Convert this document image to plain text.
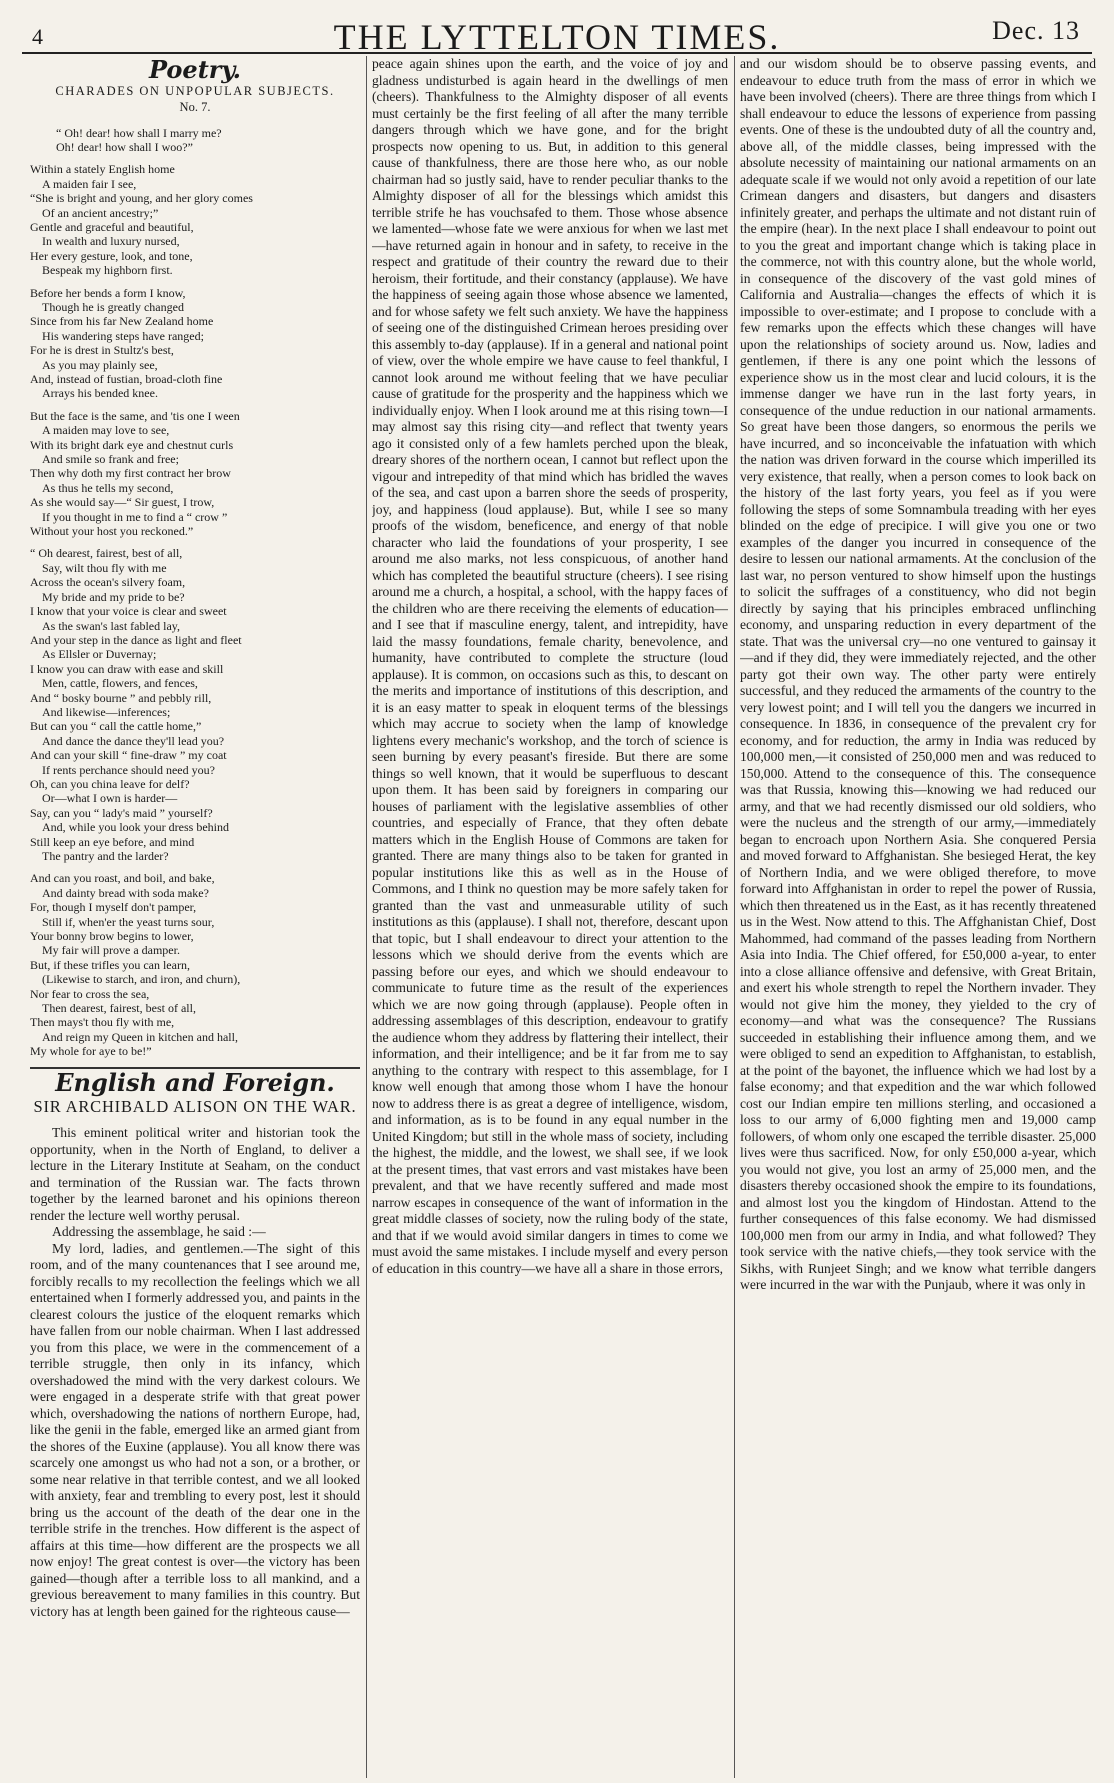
4	THE LYTTELTON TIMES.	Dec. 13
Poetry.
CHARADES ON UNPOPULAR SUBJECTS.
No. 7.
“ Oh! dear! how shall I marry me?
Oh! dear! how shall I woo?”
Within a stately English home
A maiden fair I see,
“She is bright and young, and her glory comes
Of an ancient ancestry;”
Gentle and graceful and beautiful,
In wealth and luxury nursed,
Her every gesture, look, and tone,
Bespeak my highborn first.
Before her bends a form I know,
Though he is greatly changed
Since from his far New Zealand home
His wandering steps have ranged;
For he is drest in Stultz's best,
As you may plainly see,
And, instead of fustian, broad-cloth fine
Arrays his bended knee.
But the face is the same, and 'tis one I ween
A maiden may love to see,
With its bright dark eye and chestnut curls
And smile so frank and free;
Then why doth my first contract her brow
As thus he tells my second,
As she would say—“ Sir guest, I trow,
If you thought in me to find a “ crow ”
Without your host you reckoned.”
“ Oh dearest, fairest, best of all,
Say, wilt thou fly with me
Across the ocean's silvery foam,
My bride and my pride to be?
I know that your voice is clear and sweet
As the swan's last fabled lay,
And your step in the dance as light and fleet
As Ellsler or Duvernay;
I know you can draw with ease and skill
Men, cattle, flowers, and fences,
And “ bosky bourne ” and pebbly rill,
And likewise—inferences;
But can you “ call the cattle home,”
And dance the dance they'll lead you?
And can your skill “ fine-draw ” my coat
If rents perchance should need you?
Oh, can you china leave for delf?
Or—what I own is harder—
Say, can you “ lady's maid ” yourself?
And, while you look your dress behind
Still keep an eye before, and mind
The pantry and the larder?
And can you roast, and boil, and bake,
And dainty bread with soda make?
For, though I myself don't pamper,
Still if, when'er the yeast turns sour,
Your bonny brow begins to lower,
My fair will prove a damper.
But, if these trifles you can learn,
(Likewise to starch, and iron, and churn),
Nor fear to cross the sea,
Then dearest, fairest, best of all,
Then mays't thou fly with me,
And reign my Queen in kitchen and hall,
My whole for aye to be!”
English and Foreign.
SIR ARCHIBALD ALISON ON THE WAR.

This eminent political writer and historian took the opportunity, when in the North of England, to deliver a lecture in the Literary Institute at Seaham, on the conduct and termination of the Russian war. The facts thrown together by the learned baronet and his opinions thereon render the lecture well worthy perusal.

Addressing the assemblage, he said :—

My lord, ladies, and gentlemen.—The sight of this room, and of the many countenances that I see around me, forcibly recalls to my recollection the feelings which we all entertained when I formerly addressed you, and paints in the clearest colours the justice of the eloquent remarks which have fallen from our noble chairman. When I last addressed you from this place, we were in the commencement of a terrible struggle, then only in its infancy, which overshadowed the mind with the very darkest colours. We were engaged in a desperate strife with that great power which, overshadowing the nations of northern Europe, had, like the genii in the fable, emerged like an armed giant from the shores of the Euxine (applause). You all know there was scarcely one amongst us who had not a son, or a brother, or some near relative in that terrible contest, and we all looked with anxiety, fear and trembling to every post, lest it should bring us the account of the death of the dear one in the terrible strife in the trenches. How different is the aspect of affairs at this time—how different are the prospects we all now enjoy! The great contest is over—the victory has been gained—though after a terrible loss to all mankind, and a grevious bereavement to many families in this country. But victory has at length been gained for the righteous cause—

peace again shines upon the earth, and the voice of joy and gladness undisturbed is again heard in the dwellings of men (cheers). Thankfulness to the Almighty disposer of all events must certainly be the first feeling of all after the many terrible dangers through which we have gone, and for the bright prospects now opening to us. But, in addition to this general cause of thankfulness, there are those here who, as our noble chairman had so justly said, have to render peculiar thanks to the Almighty disposer of all for the blessings which amidst this terrible strife he has vouchsafed to them. Those whose absence we lamented—whose fate we were anxious for when we last met—have returned again in honour and in safety, to receive in the respect and gratitude of their country the reward due to their heroism, their fortitude, and their constancy (applause). We have the happiness of seeing again those whose absence we lamented, and for whose safety we felt such anxiety. We have the happiness of seeing one of the distinguished Crimean heroes presiding over this assembly to-day (applause). If in a general and national point of view, over the whole empire we have cause to feel thankful, I cannot look around me without feeling that we have peculiar cause of gratitude for the prosperity and the happiness which we individually enjoy. When I look around me at this rising town—I may almost say this rising city—and reflect that twenty years ago it consisted only of a few hamlets perched upon the bleak, dreary shores of the northern ocean, I cannot but reflect upon the vigour and intrepedity of that mind which has bridled the waves of the sea, and cast upon a barren shore the seeds of prosperity, joy, and happiness (loud applause). But, while I see so many proofs of the wisdom, beneficence, and energy of that noble character who laid the foundations of your prosperity, I see around me also marks, not less conspicuous, of another hand which has completed the beautiful structure (cheers). I see rising around me a church, a hospital, a school, with the happy faces of the children who are there receiving the elements of education—and I see that if masculine energy, talent, and intrepidity, have laid the massy foundations, female charity, benevolence, and humanity, have contributed to complete the structure (loud applause). It is common, on occasions such as this, to descant on the merits and importance of institutions of this description, and it is an easy matter to speak in eloquent terms of the blessings which may accrue to society when the lamp of knowledge lightens every mechanic's workshop, and the torch of science is seen burning by every peasant's fireside. But there are some things so well known, that it would be superfluous to descant upon them. It has been said by foreigners in comparing our houses of parliament with the legislative assemblies of other countries, and especially of France, that they often debate matters which in the English House of Commons are taken for granted. There are many things also to be taken for granted in popular institutions like this as well as in the House of Commons, and I think no question may be more safely taken for granted than the vast and unmeasurable utility of such institutions as this (applause). I shall not, therefore, descant upon that topic, but I shall endeavour to direct your attention to the lessons which we should derive from the events which are passing before our eyes, and which we should endeavour to communicate to future time as the result of the experiences which we are now going through (applause). People often in addressing assemblages of this description, endeavour to gratify the audience whom they address by flattering their intellect, their information, and their intelligence; and be it far from me to say anything to the contrary with respect to this assemblage, for I know well enough that among those whom I have the honour now to address there is as great a degree of intelligence, wisdom, and information, as is to be found in any equal number in the United Kingdom; but still in the whole mass of society, including the highest, the middle, and the lowest, we shall see, if we look at the present times, that vast errors and vast mistakes have been prevalent, and that we have recently suffered and made most narrow escapes in consequence of the want of information in the great middle classes of society, now the ruling body of the state, and that if we would avoid similar dangers in times to come we must avoid the same mistakes. I include myself and every person of education in this country—we have all a share in those errors,

and our wisdom should be to observe passing events, and endeavour to educe truth from the mass of error in which we have been involved (cheers). There are three things from which I shall endeavour to educe the lessons of experience from passing events. One of these is the undoubted duty of all the country and, above all, of the middle classes, being impressed with the absolute necessity of maintaining our national armaments on an adequate scale if we would not only avoid a repetition of our late Crimean dangers and disasters, but dangers and disasters infinitely greater, and perhaps the ultimate and not distant ruin of the empire (hear). In the next place I shall endeavour to point out to you the great and important change which is taking place in the commerce, not with this country alone, but the whole world, in consequence of the discovery of the vast gold mines of California and Australia—changes the effects of which it is impossible to over-estimate; and I propose to conclude with a few remarks upon the effects which these changes will have upon the relationships of society around us. Now, ladies and gentlemen, if there is any one point which the lessons of experience show us in the most clear and lucid colours, it is the immense danger we have run in the last forty years, in consequence of the undue reduction in our national armaments. So great have been those dangers, so enormous the perils we have incurred, and so inconceivable the infatuation with which the nation was driven forward in the course which imperilled its very existence, that really, when a person comes to look back on the history of the last forty years, you feel as if you were following the steps of some Somnambula treading with her eyes blinded on the edge of precipice. I will give you one or two examples of the danger you incurred in consequence of the desire to lessen our national armaments. At the conclusion of the last war, no person ventured to show himself upon the hustings to solicit the suffrages of a constituency, who did not begin directly by saying that his principles embraced unflinching economy, and unsparing reduction in every department of the state. That was the universal cry—no one ventured to gainsay it—and if they did, they were immediately rejected, and the other party got their own way. The other party were entirely successful, and they reduced the armaments of the country to the very lowest point; and I will tell you the dangers we incurred in consequence. In 1836, in consequence of the prevalent cry for economy, and for reduction, the army in India was reduced by 100,000 men,—it consisted of 250,000 men and was reduced to 150,000. Attend to the consequence of this. The consequence was that Russia, knowing this—knowing we had reduced our army, and that we had recently dismissed our old soldiers, who were the nucleus and the strength of our army,—immediately began to encroach upon Northern Asia. She conquered Persia and moved forward to Affghanistan. She besieged Herat, the key of Northern India, and we were obliged therefore, to move forward into Affghanistan in order to repel the power of Russia, which then threatened us in the East, as it has recently threatened us in the West. Now attend to this. The Affghanistan Chief, Dost Mahommed, had command of the passes leading from Northern Asia into India. The Chief offered, for £50,000 a-year, to enter into a close alliance offensive and defensive, with Great Britain, and exert his whole strength to repel the Northern invader. They would not give him the money, they yielded to the cry of economy—and what was the consequence? The Russians succeeded in establishing their influence among them, and we were obliged to send an expedition to Affghanistan, to establish, at the point of the bayonet, the influence which we had lost by a false economy; and that expedition and the war which followed cost our Indian empire ten millions sterling, and occasioned a loss to our army of 6,000 fighting men and 19,000 camp followers, of whom only one escaped the terrible disaster. 25,000 lives were thus sacrificed. Now, for only £50,000 a-year, which you would not give, you lost an army of 25,000 men, and the disasters thereby occasioned shook the empire to its foundations, and almost lost you the kingdom of Hindostan. Attend to the further consequences of this false economy. We had dismissed 100,000 men from our army in India, and what followed? They took service with the native chiefs,—they took service with the Sikhs, with Runjeet Singh; and we know what terrible dangers were incurred in the war with the Punjaub, where it was only in
